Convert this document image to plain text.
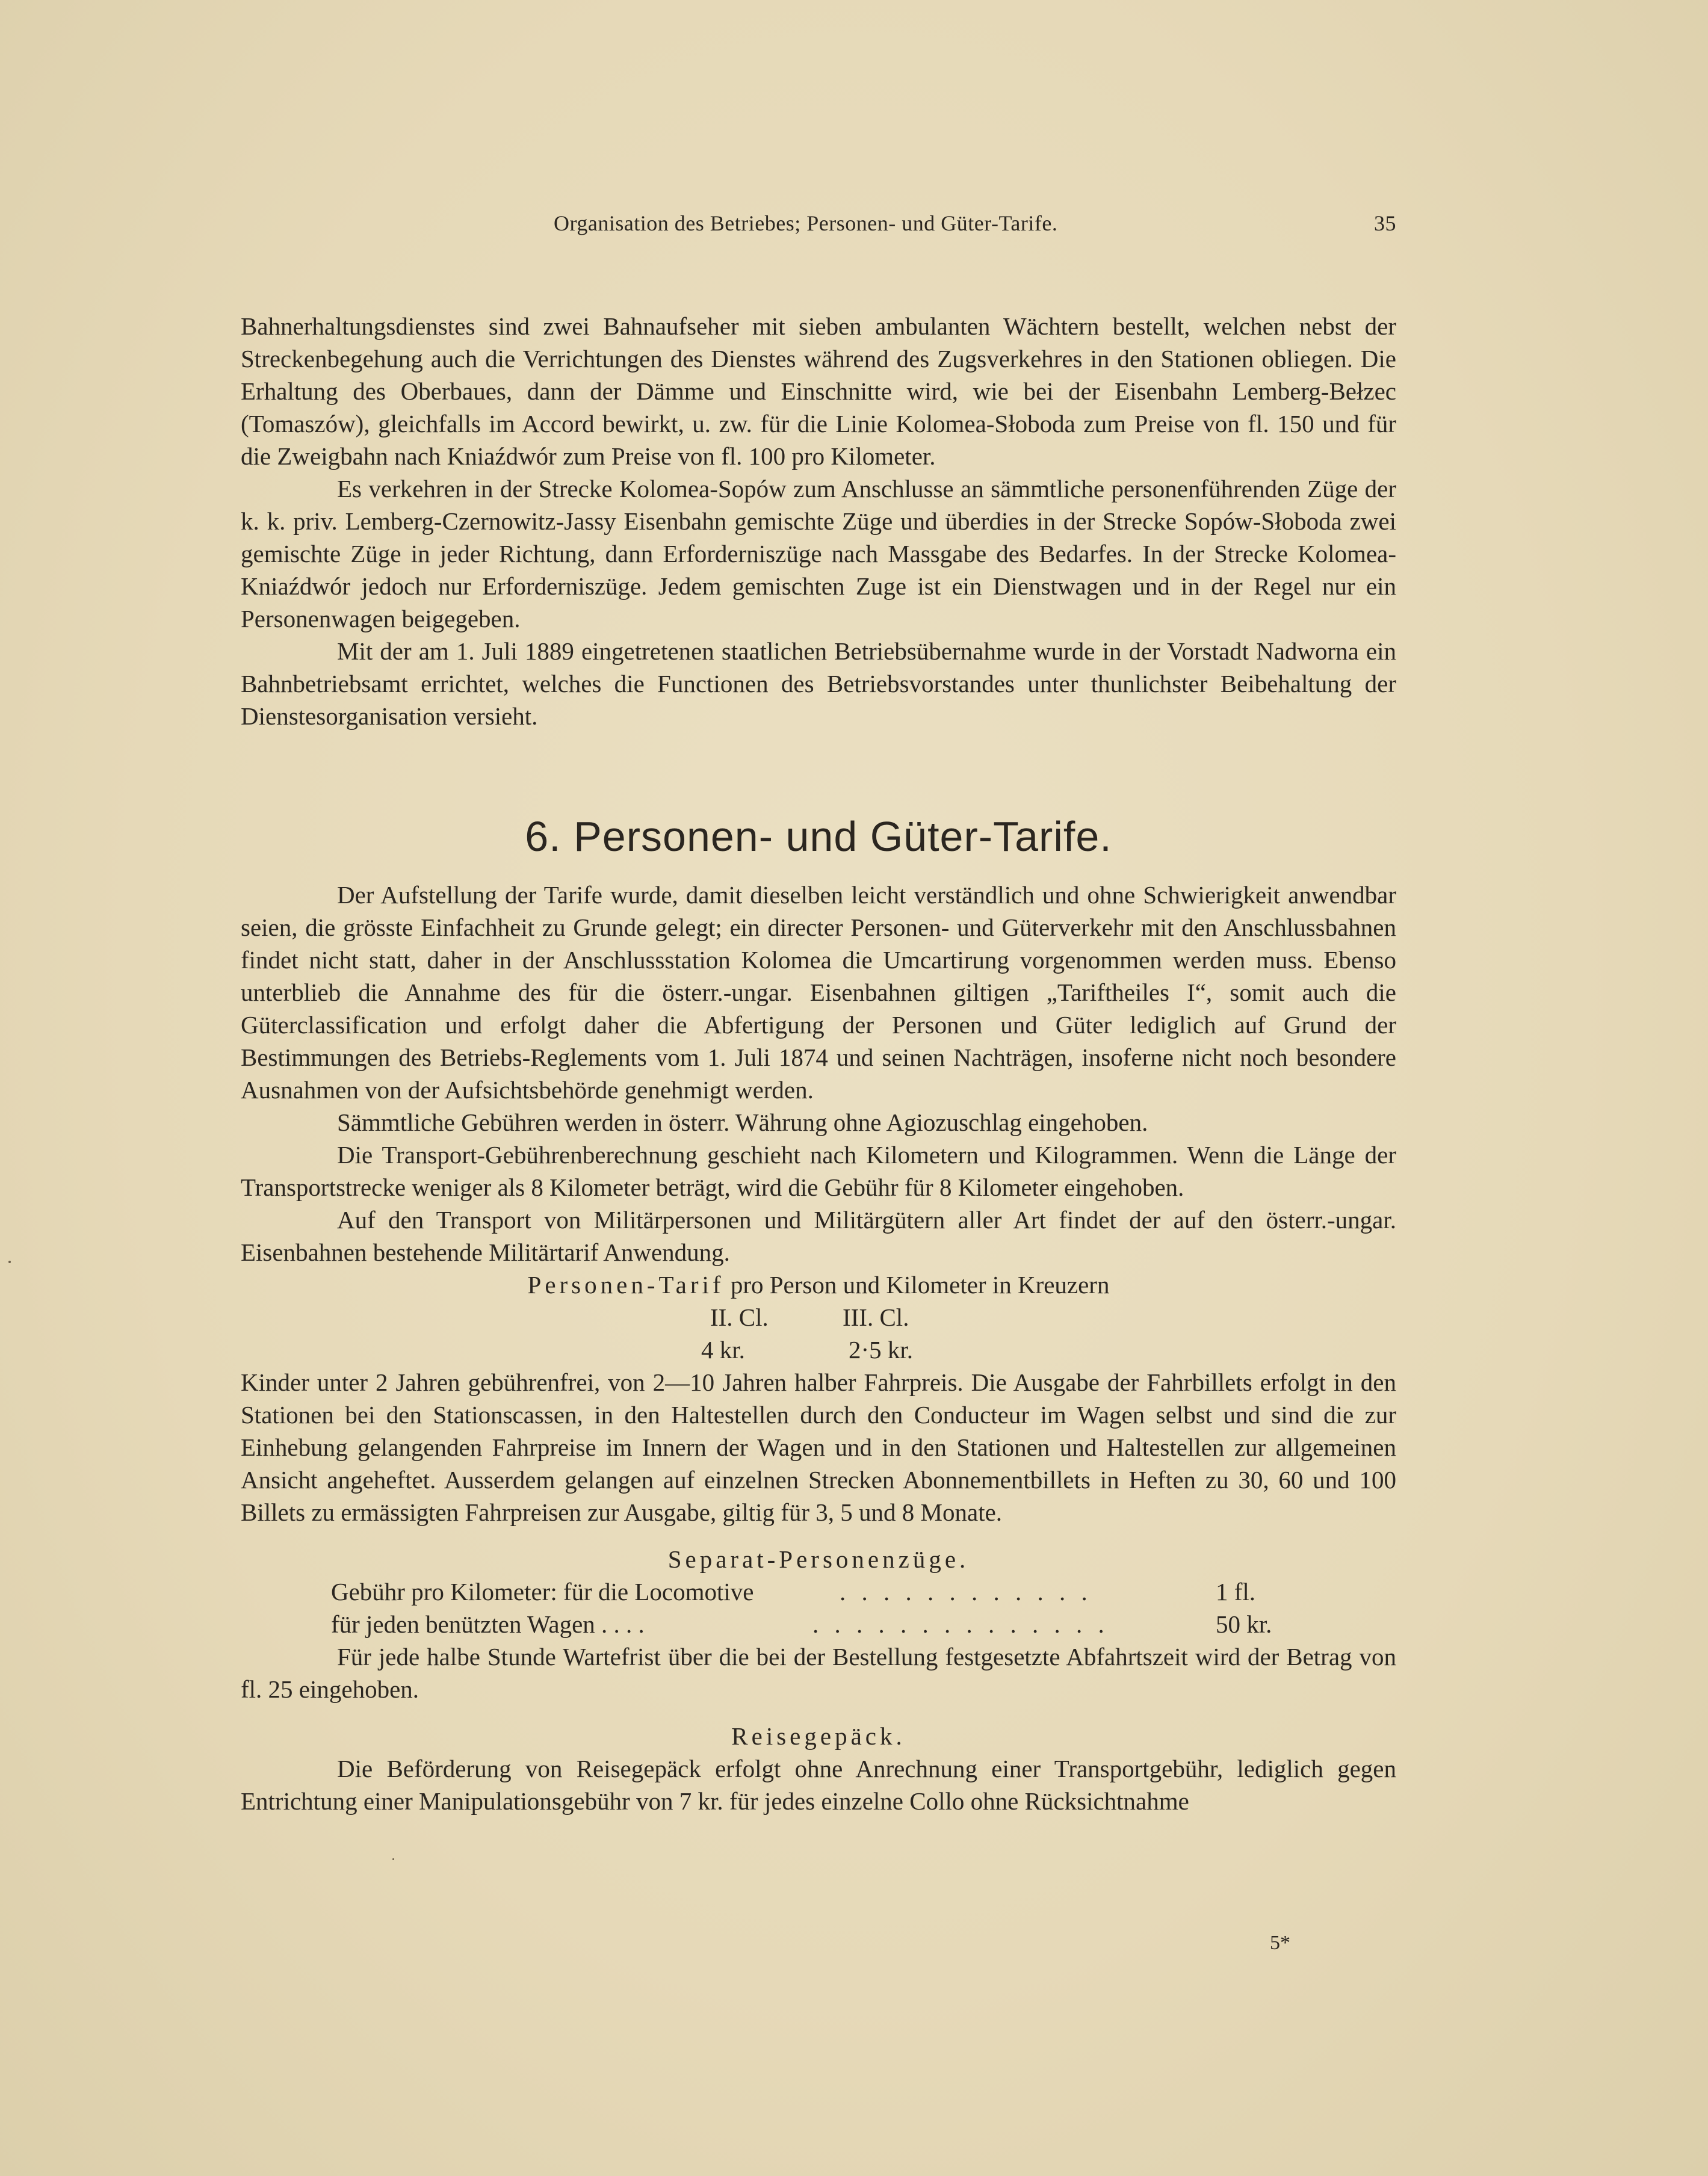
Organisation des Betriebes; Personen- und Güter-Tarife.	35

Bahnerhaltungsdienstes sind zwei Bahnaufseher mit sieben ambulanten Wächtern bestellt, welchen nebst der Streckenbegehung auch die Verrichtungen des Dienstes während des Zugsverkehres in den Stationen obliegen. Die Erhaltung des Oberbaues, dann der Dämme und Einschnitte wird, wie bei der Eisenbahn Lemberg-Bełzec (Tomaszów), gleichfalls im Accord bewirkt, u. zw. für die Linie Kolomea-Słoboda zum Preise von fl. 150 und für die Zweigbahn nach Kniaźdwór zum Preise von fl. 100 pro Kilometer.

Es verkehren in der Strecke Kolomea-Sopów zum Anschlusse an sämmtliche personenführenden Züge der k. k. priv. Lemberg-Czernowitz-Jassy Eisenbahn gemischte Züge und überdies in der Strecke Sopów-Słoboda zwei gemischte Züge in jeder Richtung, dann Erforderniszüge nach Massgabe des Bedarfes. In der Strecke Kolomea-Kniaźdwór jedoch nur Erforderniszüge. Jedem gemischten Zuge ist ein Dienstwagen und in der Regel nur ein Personenwagen beigegeben.

Mit der am 1. Juli 1889 eingetretenen staatlichen Betriebsübernahme wurde in der Vorstadt Nadworna ein Bahnbetriebsamt errichtet, welches die Functionen des Betriebsvorstandes unter thunlichster Beibehaltung der Dienstesorganisation versieht.

6. Personen- und Güter-Tarife.

Der Aufstellung der Tarife wurde, damit dieselben leicht verständlich und ohne Schwierigkeit anwendbar seien, die grösste Einfachheit zu Grunde gelegt; ein directer Personen- und Güterverkehr mit den Anschlussbahnen findet nicht statt, daher in der Anschlussstation Kolomea die Umcartirung vorgenommen werden muss. Ebenso unterblieb die Annahme des für die österr.-ungar. Eisenbahnen giltigen „Tariftheiles I“, somit auch die Güterclassification und erfolgt daher die Abfertigung der Personen und Güter lediglich auf Grund der Bestimmungen des Betriebs-Reglements vom 1. Juli 1874 und seinen Nachträgen, insoferne nicht noch besondere Ausnahmen von der Aufsichtsbehörde genehmigt werden.

Sämmtliche Gebühren werden in österr. Währung ohne Agiozuschlag eingehoben.

Die Transport-Gebührenberechnung geschieht nach Kilometern und Kilogrammen. Wenn die Länge der Transportstrecke weniger als 8 Kilometer beträgt, wird die Gebühr für 8 Kilometer eingehoben.

Auf den Transport von Militärpersonen und Militärgütern aller Art findet der auf den österr.-ungar. Eisenbahnen bestehende Militärtarif Anwendung.

Personen-Tarif pro Person und Kilometer in Kreuzern

II. Cl.	III. Cl.
4 kr.	2·5 kr.

Kinder unter 2 Jahren gebührenfrei, von 2—10 Jahren halber Fahrpreis. Die Ausgabe der Fahrbillets erfolgt in den Stationen bei den Stationscassen, in den Haltestellen durch den Conducteur im Wagen selbst und sind die zur Einhebung gelangenden Fahrpreise im Innern der Wagen und in den Stationen und Haltestellen zur allgemeinen Ansicht angeheftet. Ausserdem gelangen auf einzelnen Strecken Abonnementbillets in Heften zu 30, 60 und 100 Billets zu ermässigten Fahrpreisen zur Ausgabe, giltig für 3, 5 und 8 Monate.

Separat-Personenzüge.

Gebühr pro Kilometer: für die Locomotive	. . . . . . . . . . . .	1 fl.
für jeden benützten Wagen . . . .	. . . . . . . . . . . . . .	50 kr.

Für jede halbe Stunde Wartefrist über die bei der Bestellung festgesetzte Abfahrtszeit wird der Betrag von fl. 25 eingehoben.

Reisegepäck.

Die Beförderung von Reisegepäck erfolgt ohne Anrechnung einer Transportgebühr, lediglich gegen Entrichtung einer Manipulationsgebühr von 7 kr. für jedes einzelne Collo ohne Rücksichtnahme

5*
